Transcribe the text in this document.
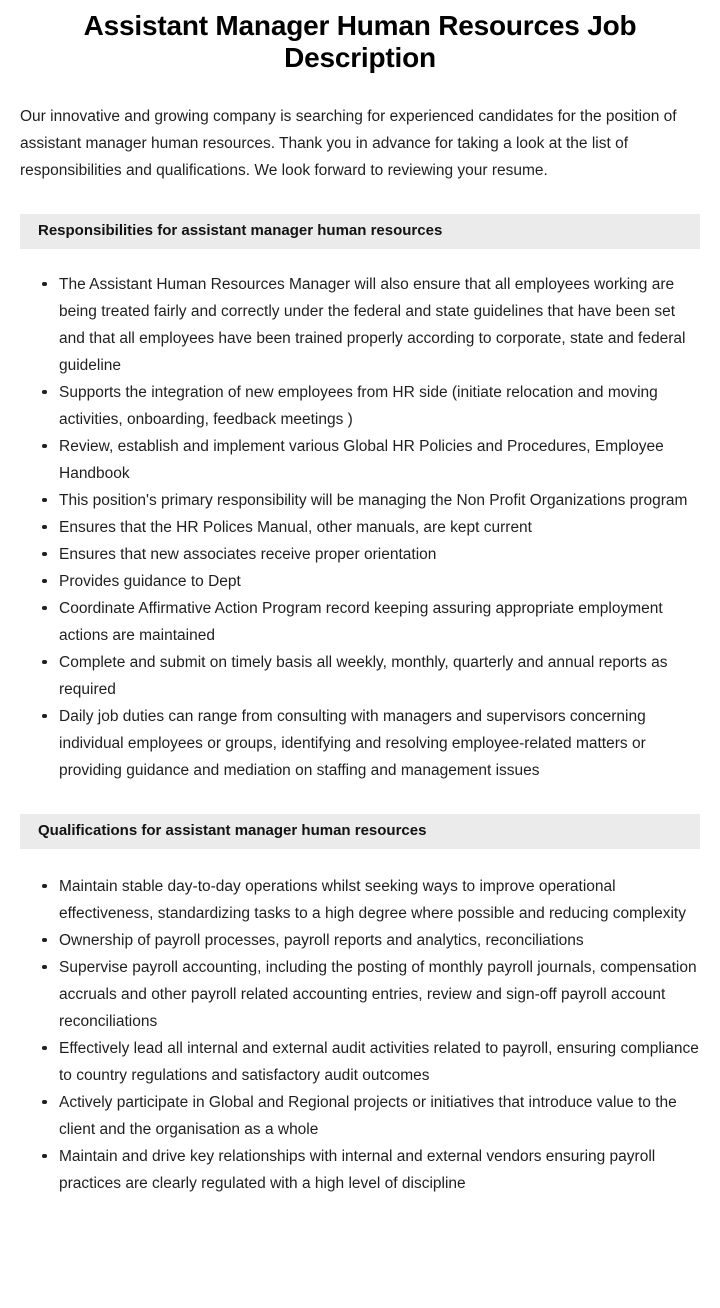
Assistant Manager Human Resources Job Description

Our innovative and growing company is searching for experienced candidates for the position of assistant manager human resources. Thank you in advance for taking a look at the list of responsibilities and qualifications. We look forward to reviewing your resume.

Responsibilities for assistant manager human resources
The Assistant Human Resources Manager will also ensure that all employees working are being treated fairly and correctly under the federal and state guidelines that have been set and that all employees have been trained properly according to corporate, state and federal guideline
Supports the integration of new employees from HR side (initiate relocation and moving activities, onboarding, feedback meetings )
Review, establish and implement various Global HR Policies and Procedures, Employee Handbook
This position's primary responsibility will be managing the Non Profit Organizations program
Ensures that the HR Polices Manual, other manuals, are kept current
Ensures that new associates receive proper orientation
Provides guidance to Dept
Coordinate Affirmative Action Program record keeping assuring appropriate employment actions are maintained
Complete and submit on timely basis all weekly, monthly, quarterly and annual reports as required
Daily job duties can range from consulting with managers and supervisors concerning individual employees or groups, identifying and resolving employee-related matters or providing guidance and mediation on staffing and management issues
Qualifications for assistant manager human resources
Maintain stable day-to-day operations whilst seeking ways to improve operational effectiveness, standardizing tasks to a high degree where possible and reducing complexity
Ownership of payroll processes, payroll reports and analytics, reconciliations
Supervise payroll accounting, including the posting of monthly payroll journals, compensation accruals and other payroll related accounting entries, review and sign-off payroll account reconciliations
Effectively lead all internal and external audit activities related to payroll, ensuring compliance to country regulations and satisfactory audit outcomes
Actively participate in Global and Regional projects or initiatives that introduce value to the client and the organisation as a whole
Maintain and drive key relationships with internal and external vendors ensuring payroll practices are clearly regulated with a high level of discipline
